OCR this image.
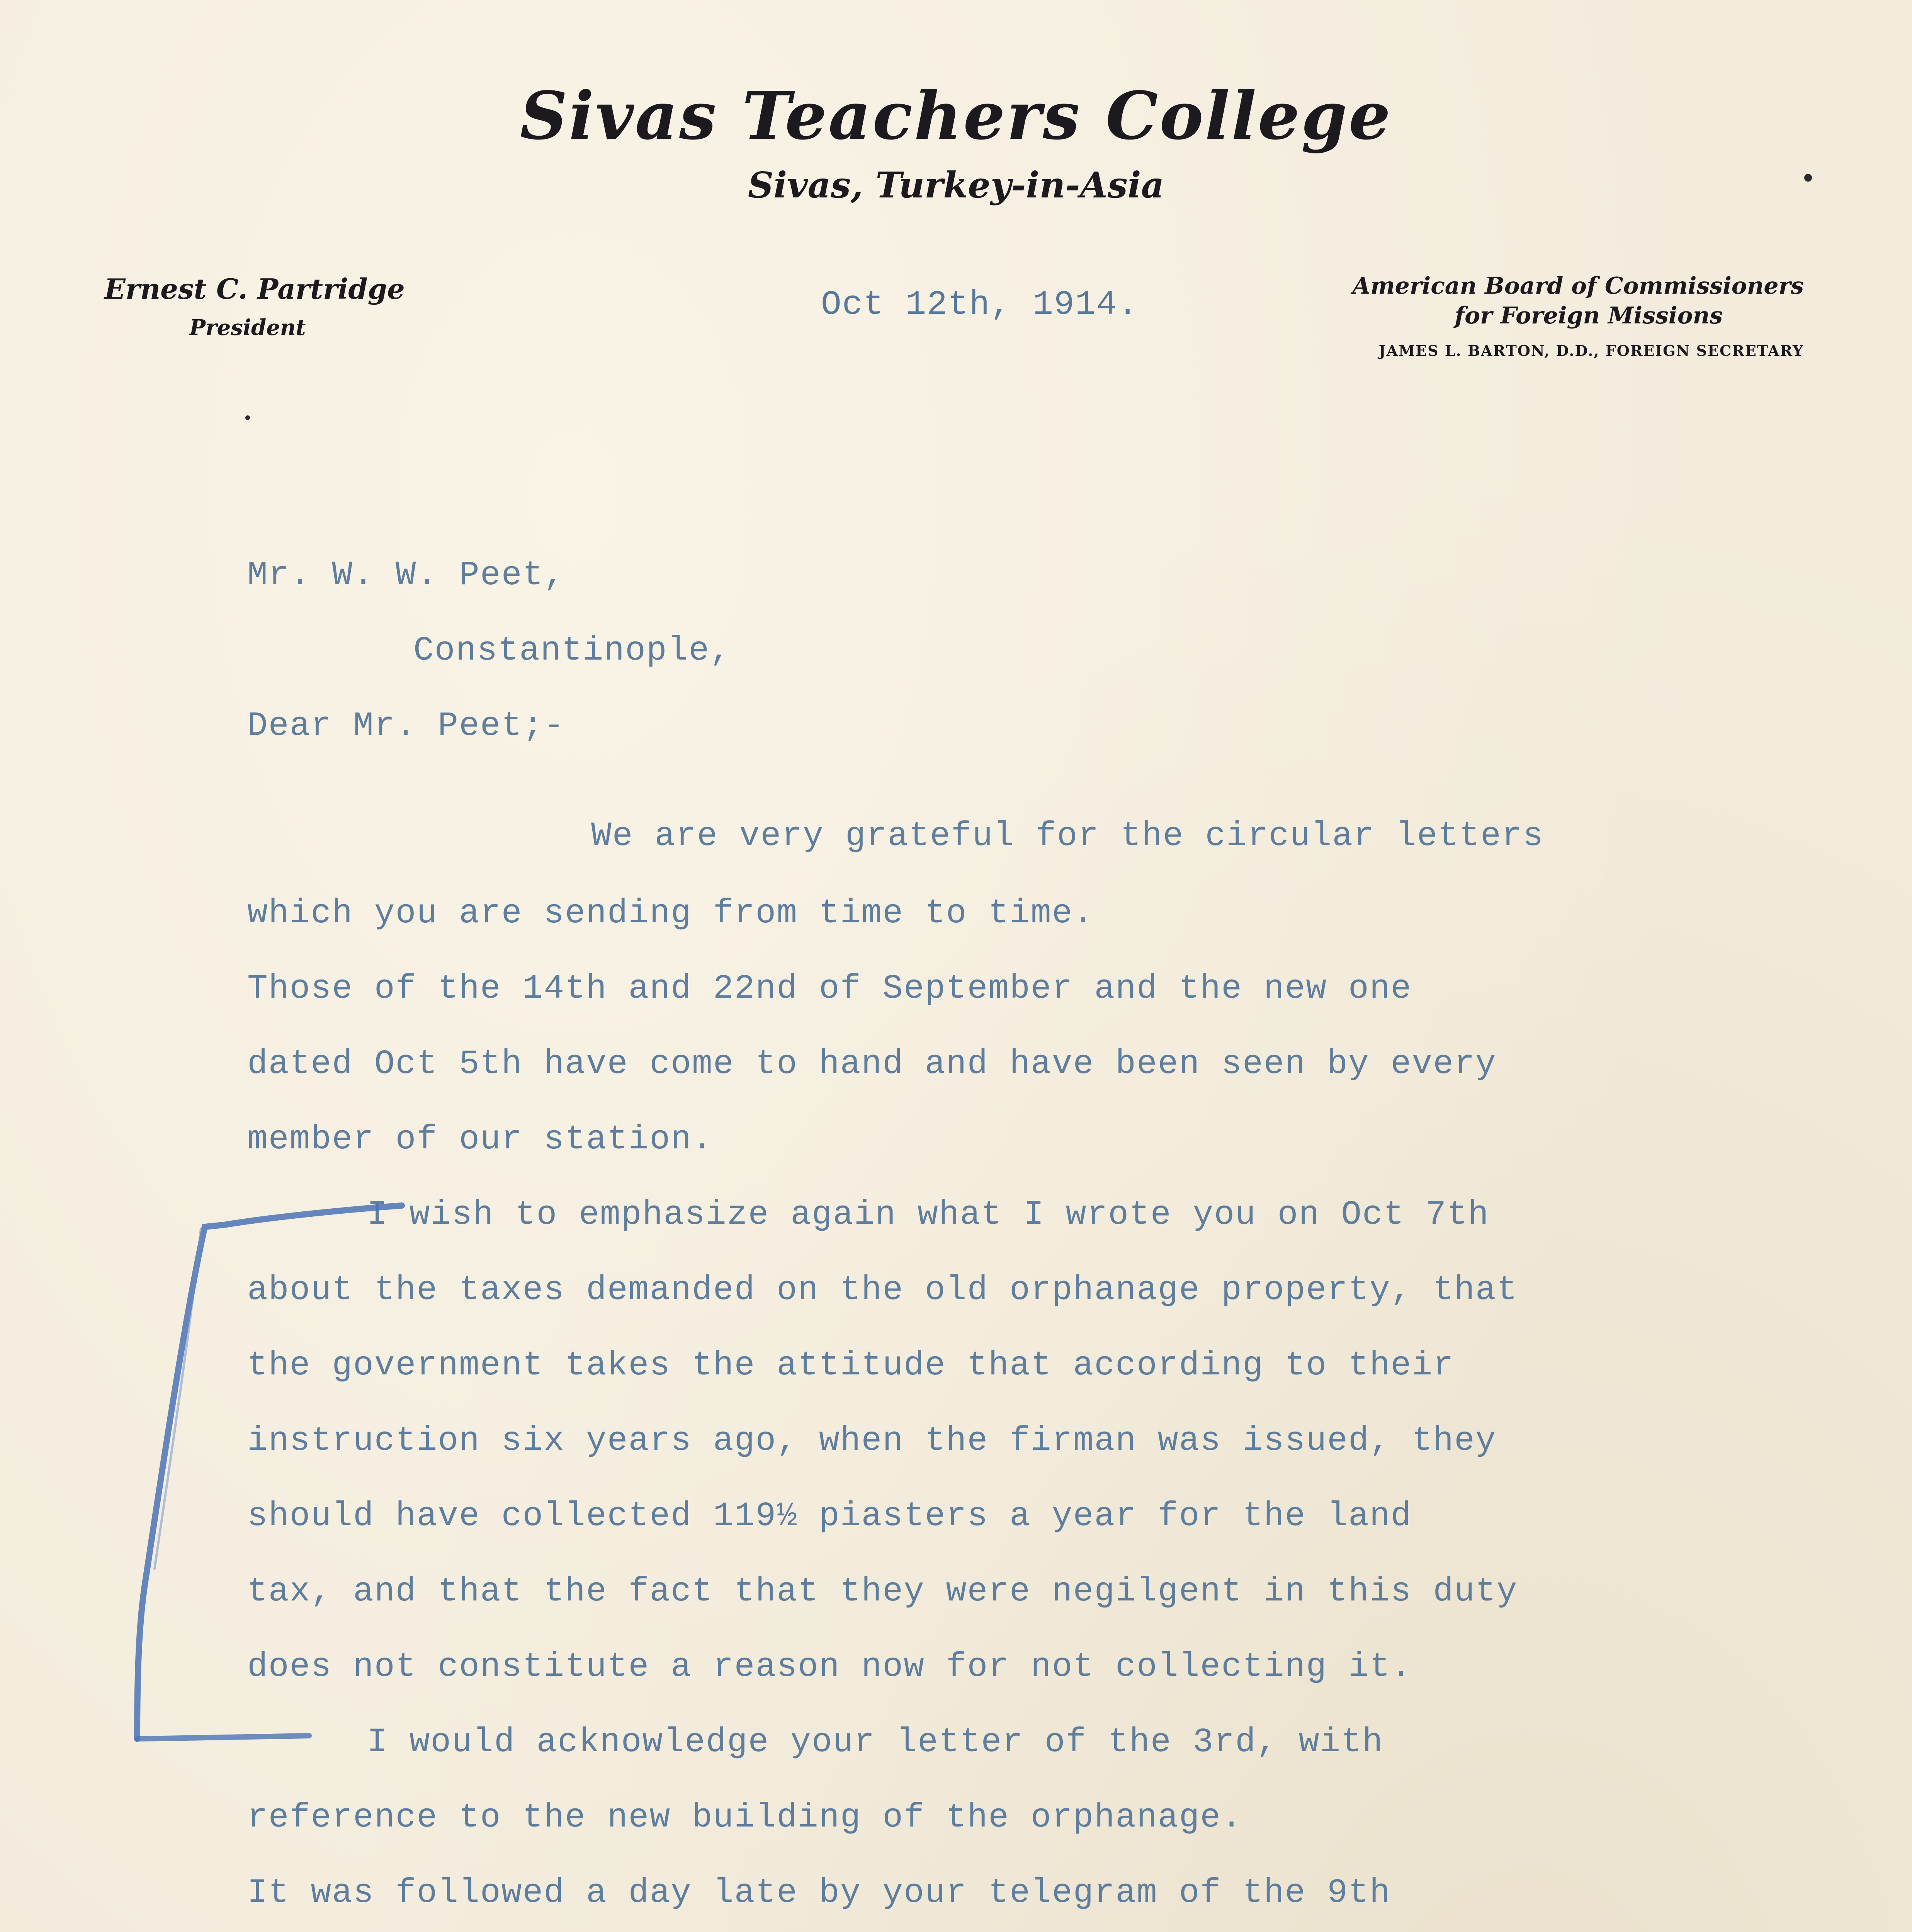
Sivas Teachers College
Sivas, Turkey-in-Asia
Ernest C. Partridge
President
American Board of Commissioners
for Foreign Missions
JAMES L. BARTON, D.D., FOREIGN SECRETARY
Oct 12th, 1914.
Mr. W. W. Peet,
Constantinople,
Dear Mr. Peet;-
We are very grateful for the circular letters
which you are sending from time to time.
Those of the 14th and 22nd of September and the new one
dated Oct 5th have come to hand and have been seen by every
member of our station.
I wish to emphasize again what I wrote you on Oct 7th
about the taxes demanded on the old orphanage property, that
the government takes the attitude that according to their
instruction six years ago, when the firman was issued, they
should have collected 119½ piasters a year for the land
tax, and that the fact that they were negilgent in this duty
does not constitute a reason now for not collecting it.
I would acknowledge your letter of the 3rd, with
reference to the new building of the orphanage.
It was followed a day late by your telegram of the 9th
